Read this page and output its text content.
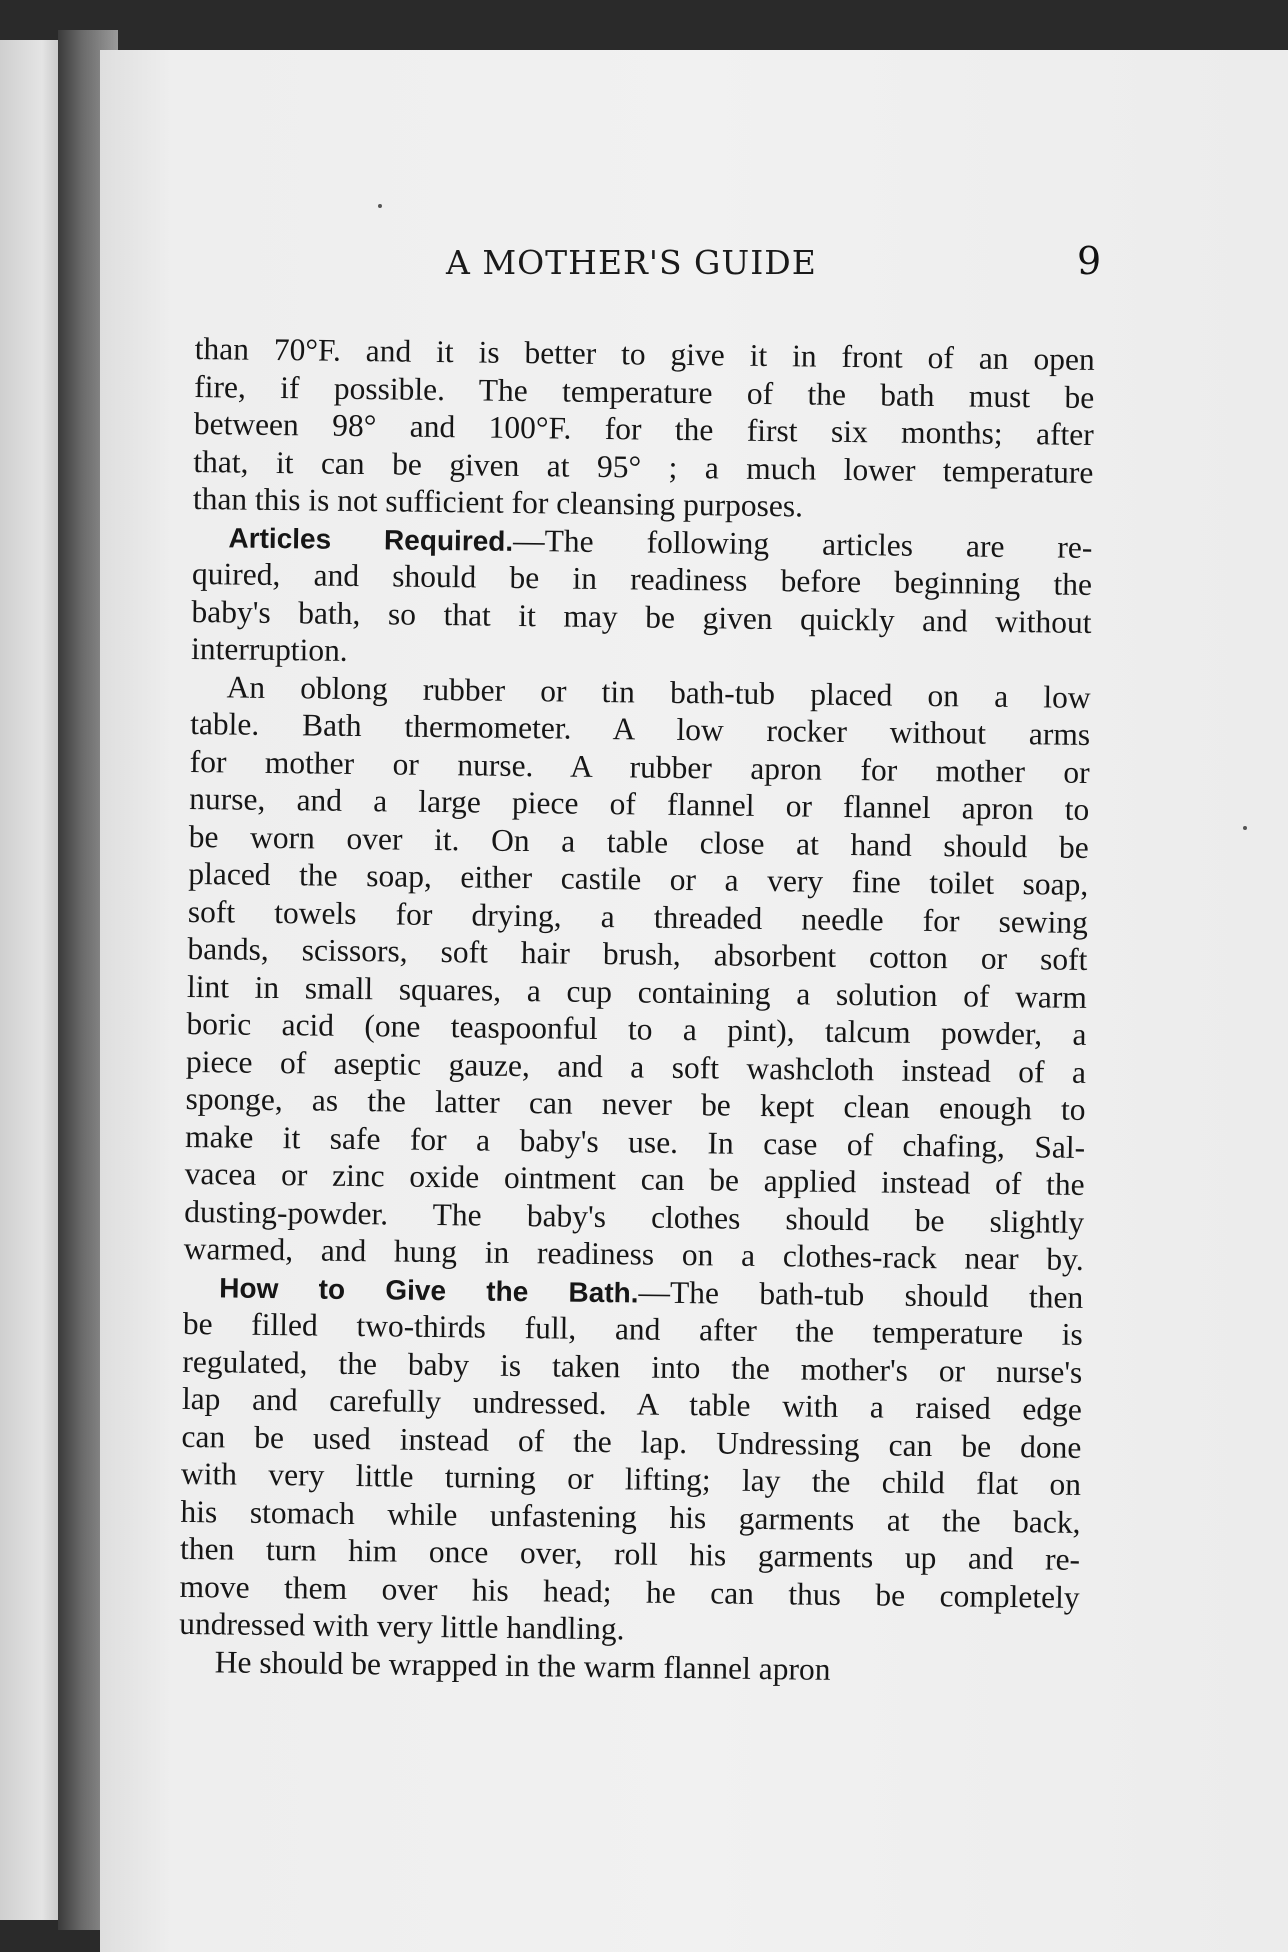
A MOTHER'S GUIDE	9
than 70°F. and it is better to give it in front of an open
fire, if possible. The temperature of the bath must be
between 98° and 100°F. for the first six months; after
that, it can be given at 95° ; a much lower temperature
than this is not sufficient for cleansing purposes.
Articles Required.—The following articles are re-
quired, and should be in readiness before beginning the
baby's bath, so that it may be given quickly and without
interruption.
An oblong rubber or tin bath-tub placed on a low
table. Bath thermometer. A low rocker without arms
for mother or nurse. A rubber apron for mother or
nurse, and a large piece of flannel or flannel apron to
be worn over it. On a table close at hand should be
placed the soap, either castile or a very fine toilet soap,
soft towels for drying, a threaded needle for sewing
bands, scissors, soft hair brush, absorbent cotton or soft
lint in small squares, a cup containing a solution of warm
boric acid (one teaspoonful to a pint), talcum powder, a
piece of aseptic gauze, and a soft washcloth instead of a
sponge, as the latter can never be kept clean enough to
make it safe for a baby's use. In case of chafing, Sal-
vacea or zinc oxide ointment can be applied instead of the
dusting-powder. The baby's clothes should be slightly
warmed, and hung in readiness on a clothes-rack near by.
How to Give the Bath.—The bath-tub should then
be filled two-thirds full, and after the temperature is
regulated, the baby is taken into the mother's or nurse's
lap and carefully undressed. A table with a raised edge
can be used instead of the lap. Undressing can be done
with very little turning or lifting; lay the child flat on
his stomach while unfastening his garments at the back,
then turn him once over, roll his garments up and re-
move them over his head; he can thus be completely
undressed with very little handling.
He should be wrapped in the warm flannel apron
